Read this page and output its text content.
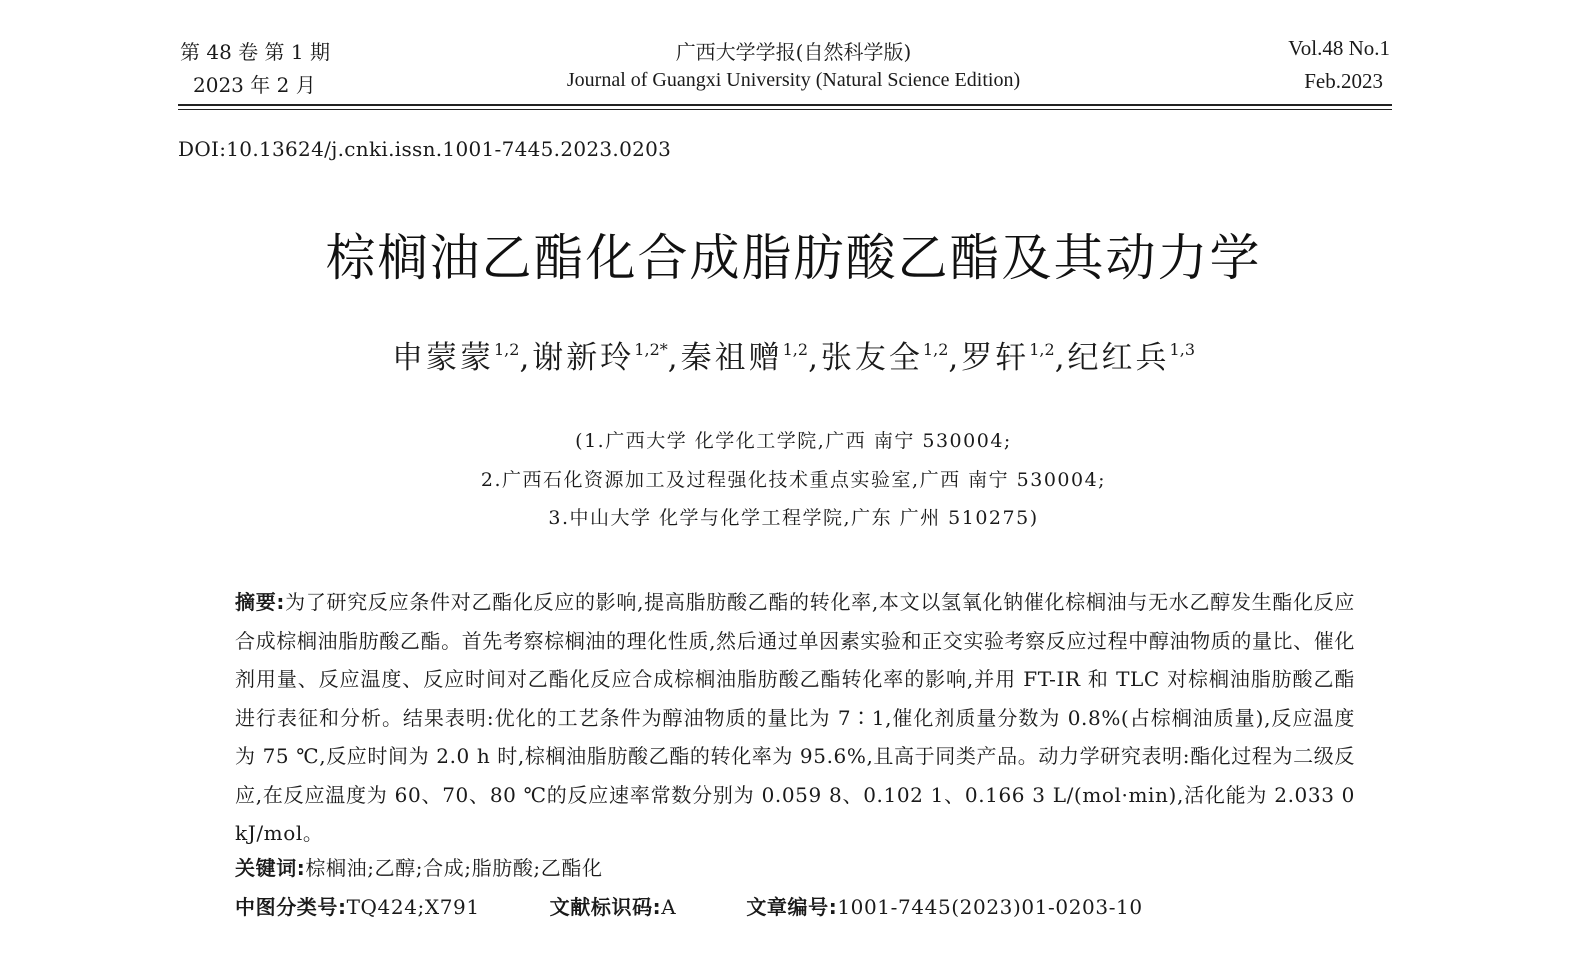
第 48 卷 第 1 期
2023 年 2 月
广西大学学报(自然科学版)
Journal of Guangxi University (Natural Science Edition)
Vol.48 No.1
Feb.2023
DOI:10.13624/j.cnki.issn.1001-7445.2023.0203
棕榈油乙酯化合成脂肪酸乙酯及其动力学
申蒙蒙$^{1,2}$,谢新玲$^{1,2*}$,秦祖赠$^{1,2}$,张友全$^{1,2}$,罗轩$^{1,2}$,纪红兵$^{1,3}$
(1.广西大学 化学化工学院,广西 南宁 530004;
2.广西石化资源加工及过程强化技术重点实验室,广西 南宁 530004;
3.中山大学 化学与化学工程学院,广东 广州 510275)
摘要:为了研究反应条件对乙酯化反应的影响,提高脂肪酸乙酯的转化率,本文以氢氧化钠催化棕榈油与无水乙醇发生酯化反应合成棕榈油脂肪酸乙酯。首先考察棕榈油的理化性质,然后通过单因素实验和正交实验考察反应过程中醇油物质的量比、催化剂用量、反应温度、反应时间对乙酯化反应合成棕榈油脂肪酸乙酯转化率的影响,并用 FT-IR 和 TLC 对棕榈油脂肪酸乙酯进行表征和分析。结果表明:优化的工艺条件为醇油物质的量比为 7∶1,催化剂质量分数为 0.8%(占棕榈油质量),反应温度为 75 ℃,反应时间为 2.0 h 时,棕榈油脂肪酸乙酯的转化率为 95.6%,且高于同类产品。动力学研究表明:酯化过程为二级反应,在反应温度为 60、70、80 ℃的反应速率常数分别为 0.059 8、0.102 1、0.166 3 L/(mol·min),活化能为 2.033 0 kJ/mol。
关键词:棕榈油;乙醇;合成;脂肪酸;乙酯化
中图分类号:TQ424;X791	文献标识码:A	文章编号:1001-7445(2023)01-0203-10
